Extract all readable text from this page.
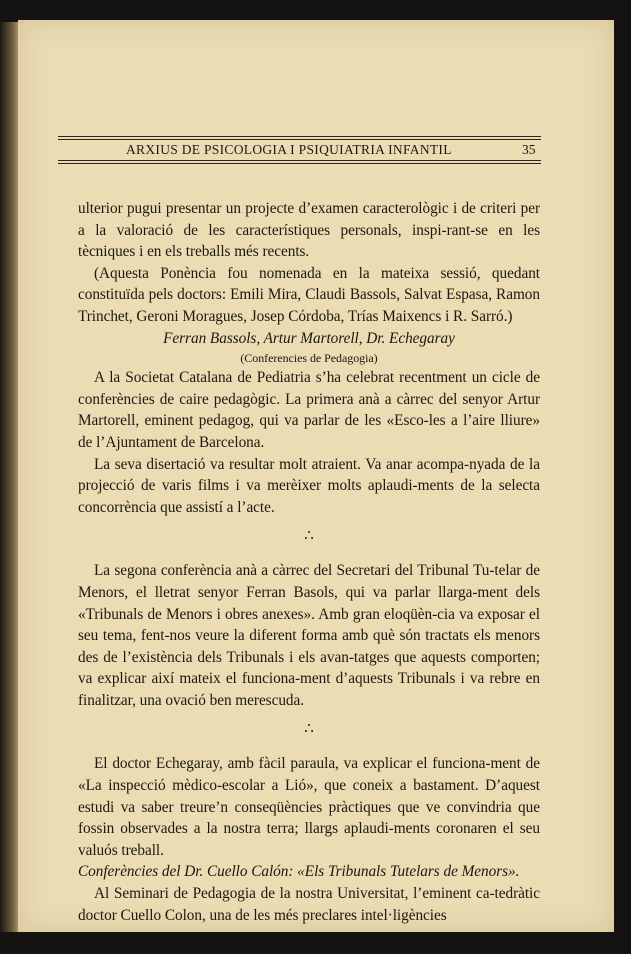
ARXIUS DE PSICOLOGIA I PSIQUIATRIA INFANTIL	35

ulterior pugui presentar un projecte d’examen caracterològic i de criteri per a la valoració de les característiques personals, inspi-rant-se en les tècniques i en els treballs més recents.

(Aquesta Ponència fou nomenada en la mateixa sessió, quedant constituïda pels doctors: Emili Mira, Claudi Bassols, Salvat Espasa, Ramon Trinchet, Geroni Moragues, Josep Córdoba, Trías Maixencs i R. Sarró.)

Ferran Bassols, Artur Martorell, Dr. Echegaray

(Conferencies de Pedagogia)

A la Societat Catalana de Pediatria s’ha celebrat recentment un cicle de conferències de caire pedagògic. La primera anà a càrrec del senyor Artur Martorell, eminent pedagog, qui va parlar de les «Esco-les a l’aire lliure» de l’Ajuntament de Barcelona.

La seva disertació va resultar molt atraient. Va anar acompa-nyada de la projecció de varis films i va merèixer molts aplaudi-ments de la selecta concorrència que assistí a l’acte.

∴

La segona conferència anà a càrrec del Secretari del Tribunal Tu-telar de Menors, el lletrat senyor Ferran Basols, qui va parlar llarga-ment dels «Tribunals de Menors i obres anexes». Amb gran eloqüèn-cia va exposar el seu tema, fent-nos veure la diferent forma amb què són tractats els menors des de l’existència dels Tribunals i els avan-tatges que aquests comporten; va explicar així mateix el funciona-ment d’aquests Tribunals i va rebre en finalitzar, una ovació ben merescuda.

∴

El doctor Echegaray, amb fàcil paraula, va explicar el funciona-ment de «La inspecció mèdico-escolar a Lió», que coneix a bastament. D’aquest estudi va saber treure’n conseqüències pràctiques que ve convindria que fossin observades a la nostra terra; llargs aplaudi-ments coronaren el seu valuós treball.

Conferències del Dr. Cuello Calón: «Els Tribunals Tutelars de Menors».

Al Seminari de Pedagogia de la nostra Universitat, l’eminent ca-tedràtic doctor Cuello Colon, una de les més preclares intel·ligències
